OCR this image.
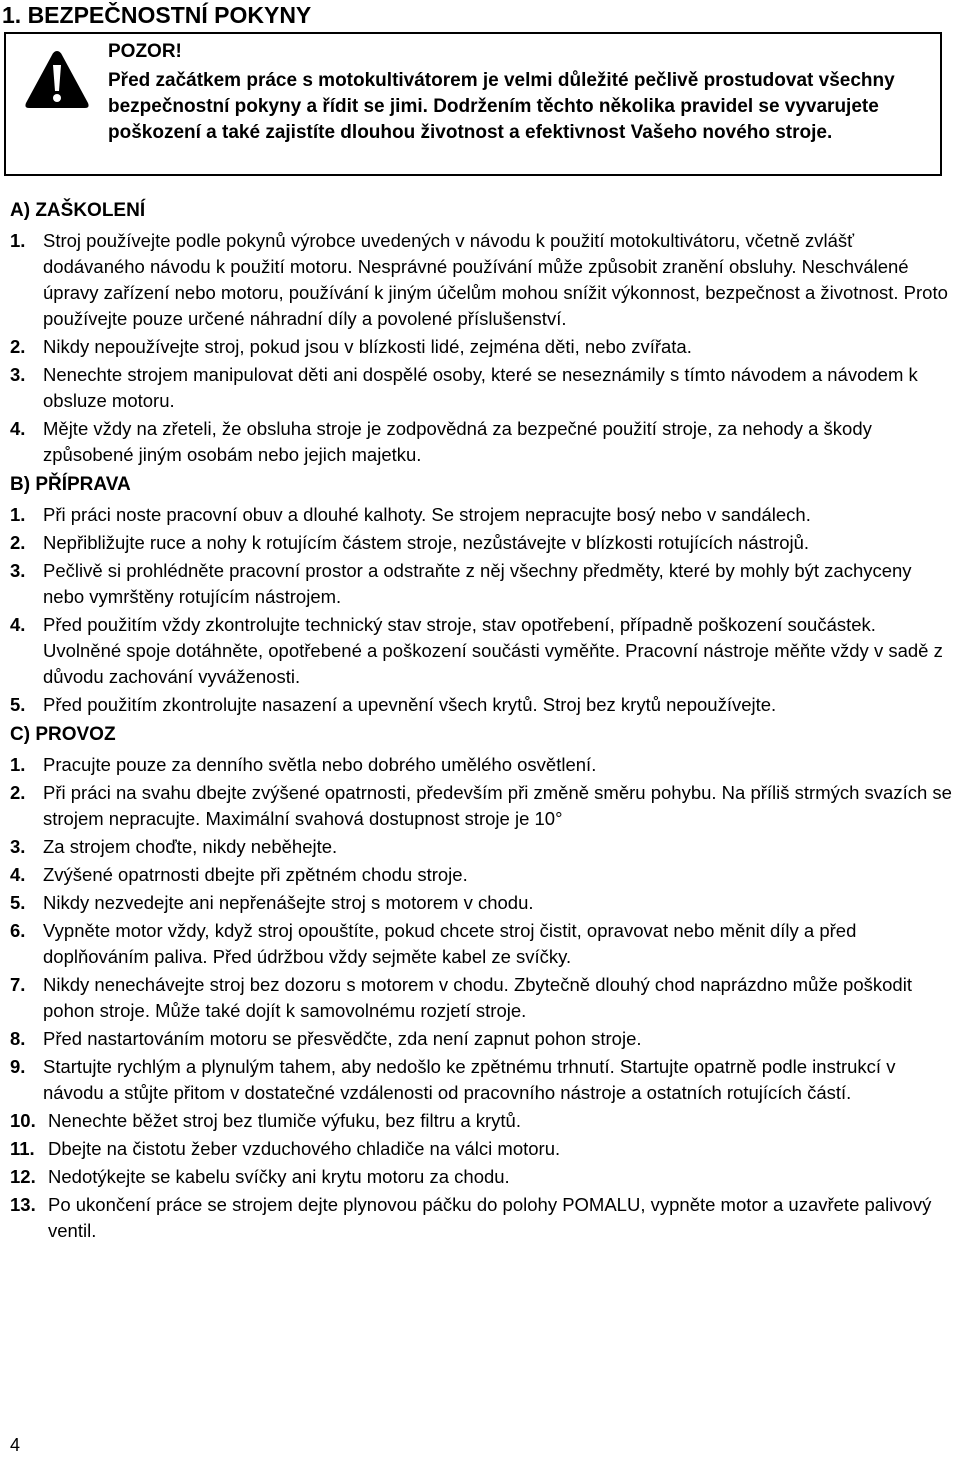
1. BEZPEČNOSTNÍ POKYNY

POZOR!

Před začátkem práce s motokultivátorem je velmi důležité pečlivě prostudovat všechny bezpečnostní pokyny a řídit se jimi. Dodržením těchto několika pravidel se vyvarujete poškození a také zajistíte dlouhou životnost a efektivnost Vašeho nového stroje.

A) ZAŠKOLENÍ
1. Stroj používejte podle pokynů výrobce uvedených v návodu k použití motokultivátoru, včetně zvlášť dodávaného návodu k použití motoru. Nesprávné používání může způsobit zranění obsluhy. Neschválené úpravy zařízení nebo motoru, používání k jiným účelům mohou snížit výkonnost, bezpečnost a životnost. Proto používejte pouze určené náhradní díly a povolené příslušenství.
2. Nikdy nepoužívejte stroj, pokud jsou v blízkosti lidé, zejména děti, nebo zvířata.
3. Nenechte strojem manipulovat děti ani dospělé osoby, které se neseznámily s tímto návodem a návodem k obsluze motoru.
4. Mějte vždy na zřeteli, že obsluha stroje je zodpovědná za bezpečné použití stroje, za nehody a škody způsobené jiným osobám nebo jejich majetku.
B) PŘÍPRAVA
1. Při práci noste pracovní obuv a dlouhé kalhoty. Se strojem nepracujte bosý nebo v sandálech.
2. Nepřibližujte ruce a nohy k rotujícím částem stroje, nezůstávejte v blízkosti rotujících nástrojů.
3. Pečlivě si prohlédněte pracovní prostor a odstraňte z něj všechny předměty, které by mohly být zachyceny nebo vymrštěny rotujícím nástrojem.
4. Před použitím vždy zkontrolujte technický stav stroje, stav opotřebení, případně poškození součástek. Uvolněné spoje dotáhněte, opotřebené a poškození součásti vyměňte. Pracovní nástroje měňte vždy v sadě z důvodu zachování vyváženosti.
5. Před použitím zkontrolujte nasazení a upevnění všech krytů. Stroj bez krytů nepoužívejte.
C) PROVOZ
1. Pracujte pouze za denního světla nebo dobrého umělého osvětlení.
2. Při práci na svahu dbejte zvýšené opatrnosti, především při změně směru pohybu. Na příliš strmých svazích se strojem nepracujte. Maximální svahová dostupnost stroje je 10°
3. Za strojem choďte, nikdy neběhejte.
4. Zvýšené opatrnosti dbejte při zpětném chodu stroje.
5. Nikdy nezvedejte ani nepřenášejte stroj s motorem v chodu.
6. Vypněte motor vždy, když stroj opouštíte, pokud chcete stroj čistit, opravovat nebo měnit díly a před doplňováním paliva. Před údržbou vždy sejměte kabel ze svíčky.
7. Nikdy nenechávejte stroj bez dozoru s motorem v chodu. Zbytečně dlouhý chod naprázdno může poškodit pohon stroje. Může také dojít k samovolnému rozjetí stroje.
8. Před nastartováním motoru se přesvědčte, zda není zapnut pohon stroje.
9. Startujte rychlým a plynulým tahem, aby nedošlo ke zpětnému trhnutí. Startujte opatrně podle instrukcí v návodu a stůjte přitom v dostatečné vzdálenosti od pracovního nástroje a ostatních rotujících částí.
10. Nenechte běžet stroj bez tlumiče výfuku, bez filtru a krytů.
11. Dbejte na čistotu žeber vzduchového chladiče na válci motoru.
12. Nedotýkejte se kabelu svíčky ani krytu motoru za chodu.
13. Po ukončení práce se strojem dejte plynovou páčku do polohy POMALU, vypněte motor a uzavřete palivový ventil.
4
